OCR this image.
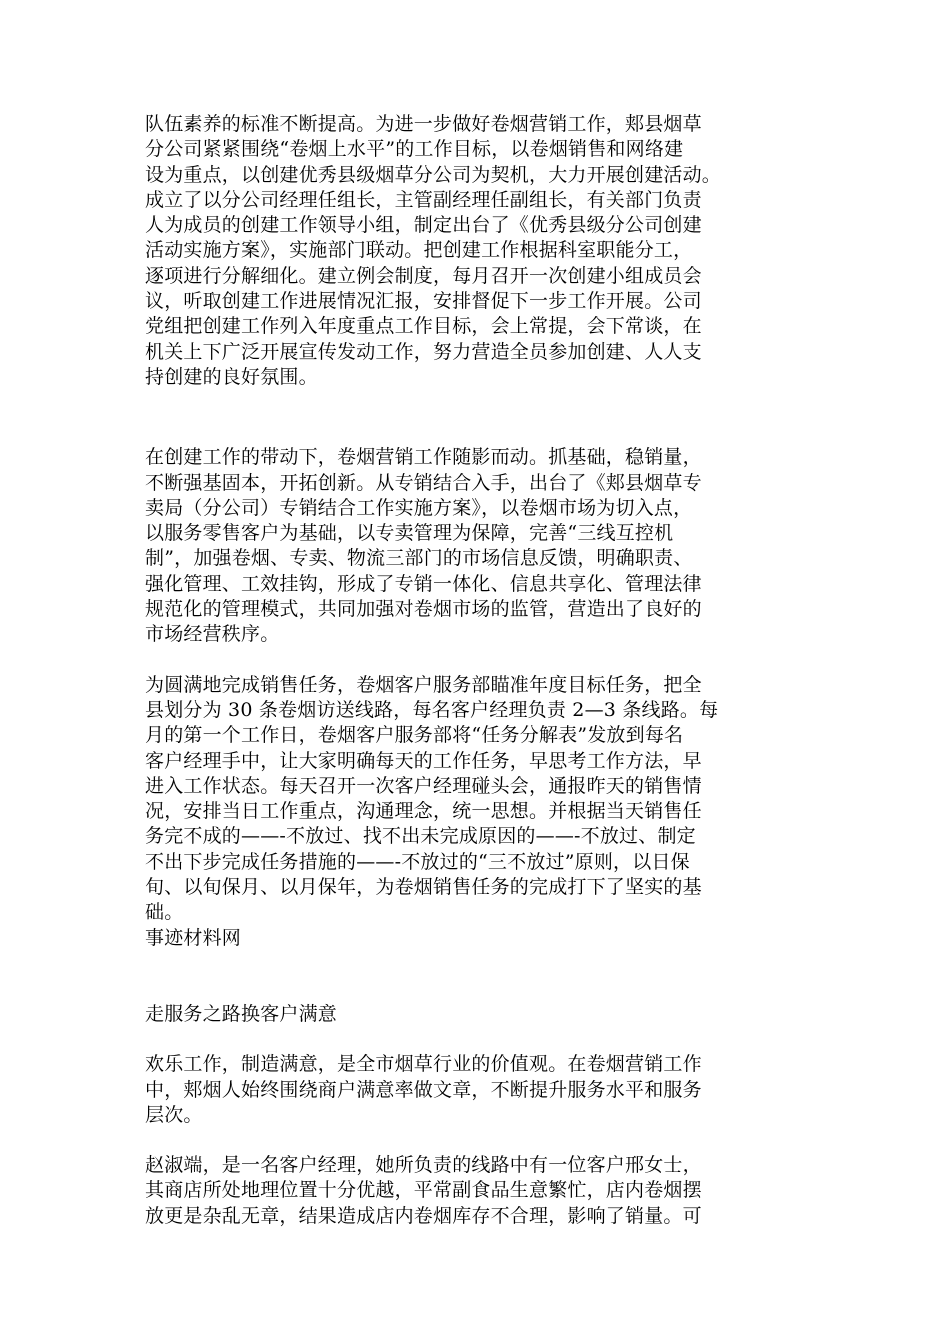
队伍素养的标准不断提高。为进一步做好卷烟营销工作，郏县烟草
分公司紧紧围绕“卷烟上水平”的工作目标，以卷烟销售和网络建
设为重点，以创建优秀县级烟草分公司为契机，大力开展创建活动。
成立了以分公司经理任组长，主管副经理任副组长，有关部门负责
人为成员的创建工作领导小组，制定出台了《优秀县级分公司创建
活动实施方案》，实施部门联动。把创建工作根据科室职能分工，
逐项进行分解细化。建立例会制度，每月召开一次创建小组成员会
议，听取创建工作进展情况汇报，安排督促下一步工作开展。公司
党组把创建工作列入年度重点工作目标，会上常提，会下常谈，在
机关上下广泛开展宣传发动工作，努力营造全员参加创建、人人支
持创建的良好氛围。

在创建工作的带动下，卷烟营销工作随影而动。抓基础，稳销量，
不断强基固本，开拓创新。从专销结合入手，出台了《郏县烟草专
卖局（分公司）专销结合工作实施方案》，以卷烟市场为切入点，
以服务零售客户为基础，以专卖管理为保障，完善“三线互控机
制”，加强卷烟、专卖、物流三部门的市场信息反馈，明确职责、
强化管理、工效挂钩，形成了专销一体化、信息共享化、管理法律
规范化的管理模式，共同加强对卷烟市场的监管，营造出了良好的
市场经营秩序。

为圆满地完成销售任务，卷烟客户服务部瞄准年度目标任务，把全
县划分为 30 条卷烟访送线路，每名客户经理负责 2—3 条线路。每
月的第一个工作日，卷烟客户服务部将“任务分解表”发放到每名
客户经理手中，让大家明确每天的工作任务，早思考工作方法，早
进入工作状态。每天召开一次客户经理碰头会，通报昨天的销售情
况，安排当日工作重点，沟通理念，统一思想。并根据当天销售任
务完不成的——-不放过、找不出未完成原因的——-不放过、制定
不出下步完成任务措施的——-不放过的“三不放过”原则，以日保
旬、以旬保月、以月保年，为卷烟销售任务的完成打下了坚实的基
础。
事迹材料网

走服务之路换客户满意

欢乐工作，制造满意，是全市烟草行业的价值观。在卷烟营销工作
中，郏烟人始终围绕商户满意率做文章，不断提升服务水平和服务
层次。

赵淑端，是一名客户经理，她所负责的线路中有一位客户邢女士，
其商店所处地理位置十分优越，平常副食品生意繁忙，店内卷烟摆
放更是杂乱无章，结果造成店内卷烟库存不合理，影响了销量。可
